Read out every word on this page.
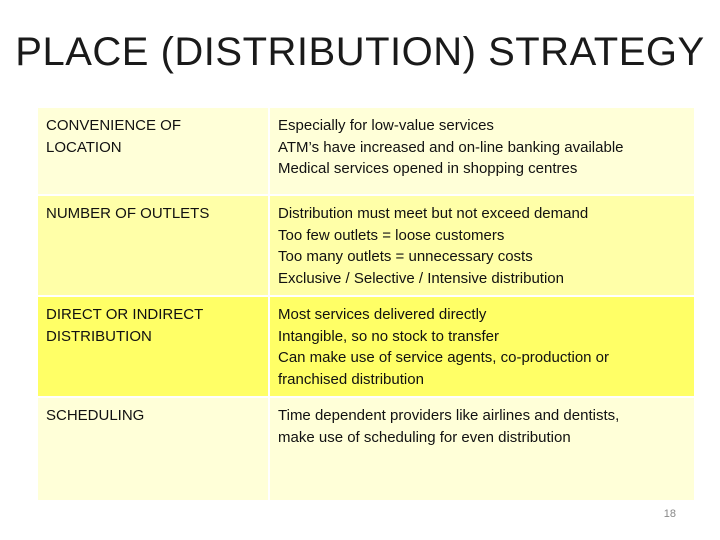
PLACE (DISTRIBUTION) STRATEGY
CONVENIENCE OF LOCATION
Especially for low-value services
ATM’s have increased and on-line banking available
Medical services opened in shopping centres
NUMBER OF OUTLETS	Distribution must meet but not exceed demand
Too few outlets = loose customers
Too many outlets = unnecessary costs
Exclusive / Selective / Intensive distribution
DIRECT OR INDIRECT DISTRIBUTION
Most services delivered directly
Intangible, so no stock to transfer
Can make use of service agents, co-production or
franchised distribution
SCHEDULING	Time dependent providers like airlines and dentists,
make use of scheduling for even distribution
18
